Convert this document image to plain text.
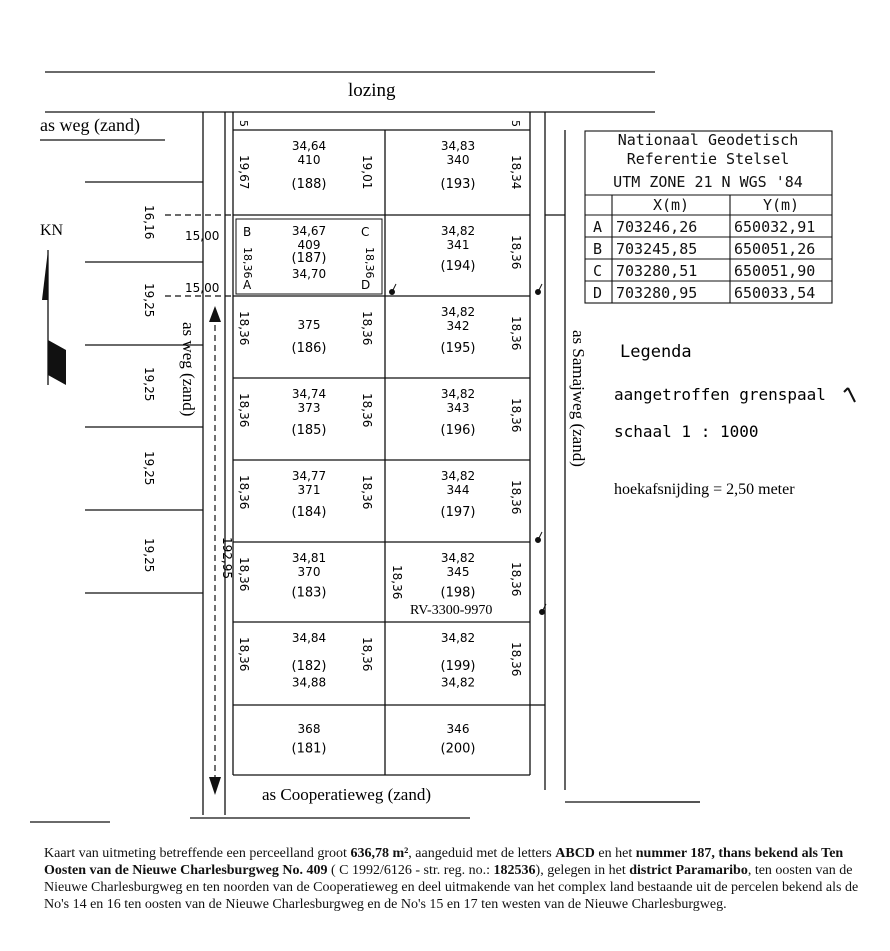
lozing
as weg (zand)
as weg (zand)
KN
as Samajweg (zand)
as Cooperatieweg (zand)
192,95
RV-3300-9970
16,16
19,25
19,25
19,25
19,25
15,00
15,00
B	C
A	D
5	5
19,67	19,01	18,34
18,36
18,36	18,36	18,36
18,36	18,36	18,36
18,36	18,36	18,36
18,36	18,36
18,36	18,36	18,36
18,36	18,36
18,36
34,64
410
(188)
34,67
409
(187)
34,70
375
(186)
34,74
373
(185)
34,77
371
(184)
34,81
370
(183)
34,84
(182)
34,88
368
(181)
34,83
340
(193)
34,82
341
(194)
34,82
342
(195)
34,82
343
(196)
34,82
344
(197)
34,82
345
(198)
34,82
(199)
34,82
346
(200)
Nationaal Geodetisch
Referentie Stelsel
UTM ZONE 21 N WGS '84
X(m)	Y(m)
A 703246,26 650032,91
B 703245,85 650051,26
C 703280,51 650051,90
D 703280,95 650033,54
Legenda
aangetroffen grenspaal
schaal 1 : 1000
hoekafsnijding = 2,50 meter
Kaart van uitmeting betreffende een perceelland groot 636,78 m², aangeduid met de letters ABCD en het nummer 187, thans bekend als Ten Oosten van de Nieuwe Charlesburgweg No. 409 ( C 1992/6126 - str. reg. no.: 182536), gelegen in het district Paramaribo, ten oosten van de Nieuwe Charlesburgweg en ten noorden van de Cooperatieweg en deel uitmakende van het complex land bestaande uit de percelen bekend als de No's 14 en 16 ten oosten van de Nieuwe Charlesburgweg en de No's 15 en 17 ten westen van de Nieuwe Charlesburgweg.
